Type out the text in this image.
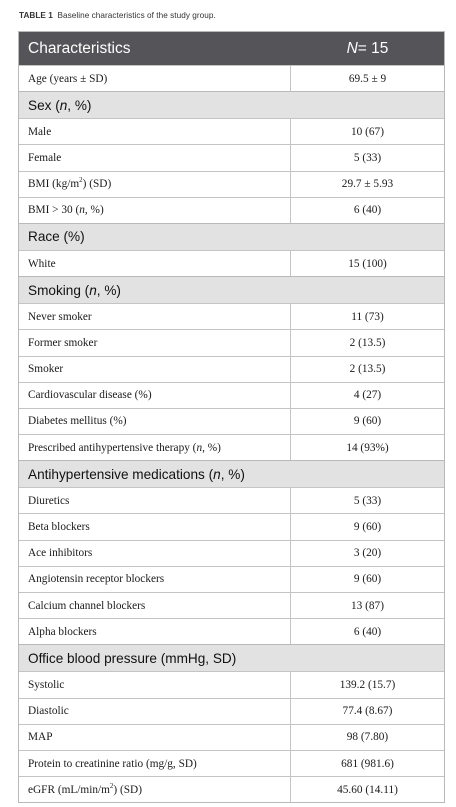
TABLE 1 Baseline characteristics of the study group.
Characteristics	N = 15
Age (years ± SD)	69.5 ± 9
Sex ( n , %)
Male	10 (67)
Female	5 (33)
BMI $(kg/m^2)$ (SD)	29.7 ± 5.93
BMI > 30 (n, %)	6 (40)
Race (%)
White	15 (100)
Smoking ( n , %)
Never smoker	11 (73)
Former smoker	2 (13.5)
Smoker	2 (13.5)
Cardiovascular disease (%)	4 (27)
Diabetes mellitus (%)	9 (60)
Prescribed antihypertensive therapy (n, %)	14 (93%)
Antihypertensive medications ( n , %)
Diuretics	5 (33)
Beta blockers	9 (60)
Ace inhibitors	3 (20)
Angiotensin receptor blockers	9 (60)
Calcium channel blockers	13 (87)
Alpha blockers	6 (40)
Office blood pressure (mmHg, SD)
Systolic	139.2 (15.7)
Diastolic	77.4 (8.67)
MAP	98 (7.80)
Protein to creatinine ratio (mg/g, SD)	681 (981.6)
eGFR $(mL/\min/m^2)$ (SD)	45.60 (14.11)
